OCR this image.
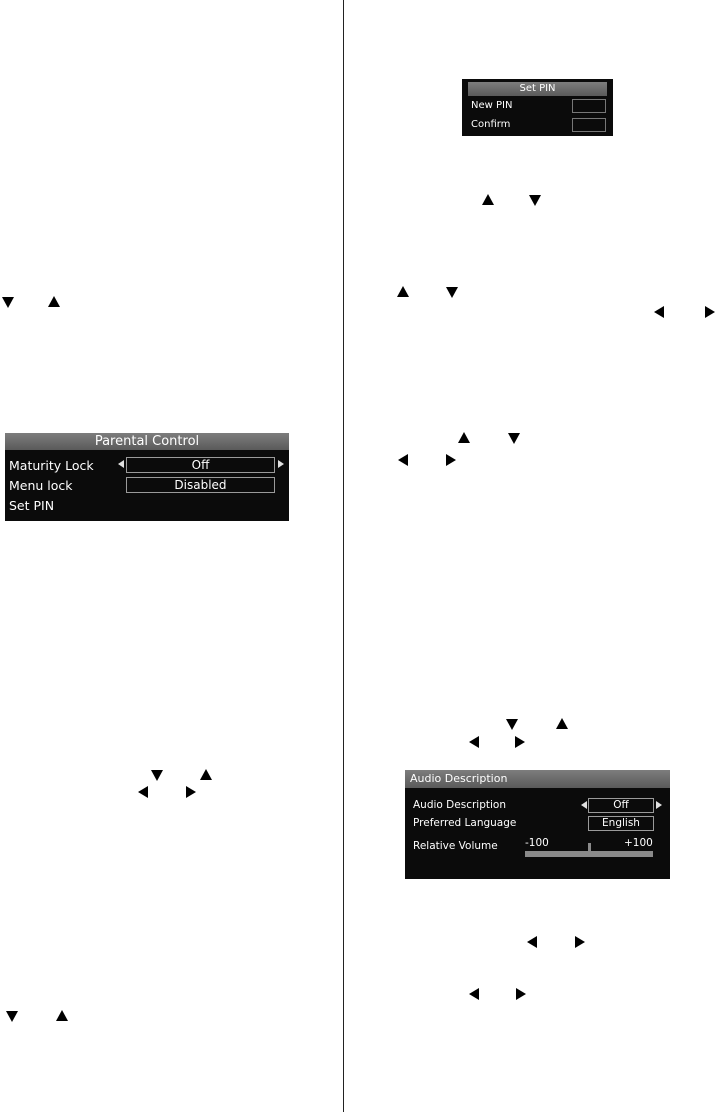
Parental Control
Maturity Lock	Off
Menu lock	Disabled
Set PIN
Set PIN
New PIN
Confirm
Audio Description
Audio Description	Off
Preferred Language	English
Relative Volume	-100	+100
